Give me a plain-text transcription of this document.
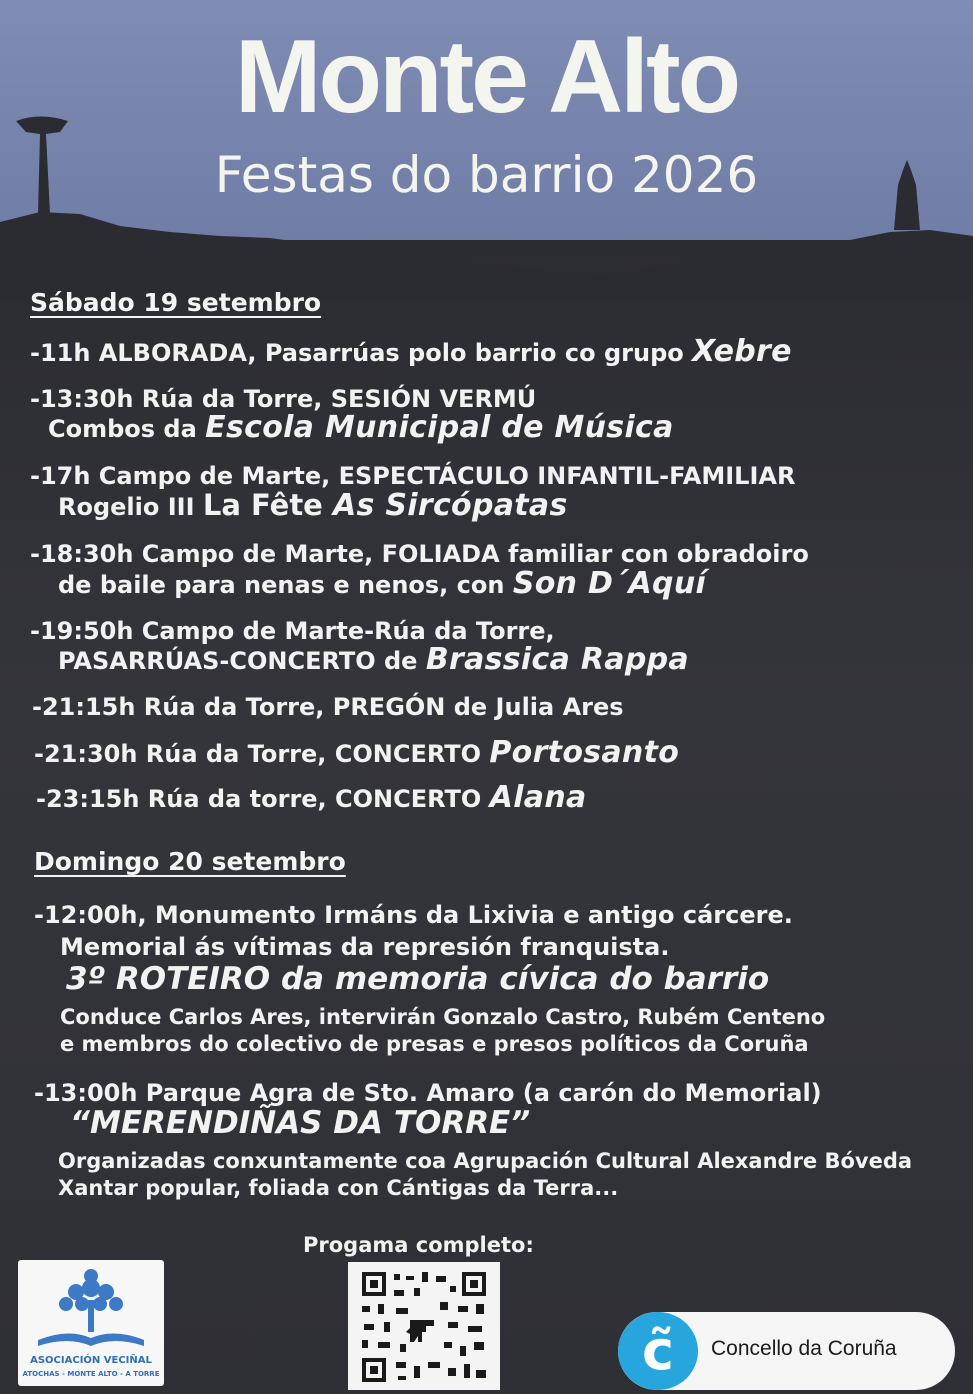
Monte Alto
Festas do barrio 2026
Sábado 19 setembro
-11h ALBORADA, Pasarrúas polo barrio co grupo Xebre
-13:30h Rúa da Torre, SESIÓN VERMÚ
Combos da Escola Municipal de Música
-17h Campo de Marte, ESPECTÁCULO INFANTIL-FAMILIAR
Rogelio III La Fête As Sircópatas
-18:30h Campo de Marte, FOLIADA familiar con obradoiro
de baile para nenas e nenos, con Son D´Aquí
-19:50h Campo de Marte-Rúa da Torre,
PASARRÚAS-CONCERTO de Brassica Rappa
-21:15h Rúa da Torre, PREGÓN de Julia Ares
-21:30h Rúa da Torre, CONCERTO Portosanto
-23:15h Rúa da torre, CONCERTO Alana
Domingo 20 setembro
-12:00h, Monumento Irmáns da Lixivia e antigo cárcere.
Memorial ás vítimas da represión franquista.
3º ROTEIRO da memoria cívica do barrio
Conduce Carlos Ares, intervirán Gonzalo Castro, Rubém Centeno
e membros do colectivo de presas e presos políticos da Coruña
-13:00h Parque Agra de Sto. Amaro (a carón do Memorial)
“MERENDIÑAS DA TORRE”
Organizadas conxuntamente coa Agrupación Cultural Alexandre Bóveda
Xantar popular, foliada con Cántigas da Terra...
Progama completo:
ASOCIACIÓN VECIÑAL
ATOCHAS - MONTE ALTO - A TORRE	c̃	Concello da Coruña
